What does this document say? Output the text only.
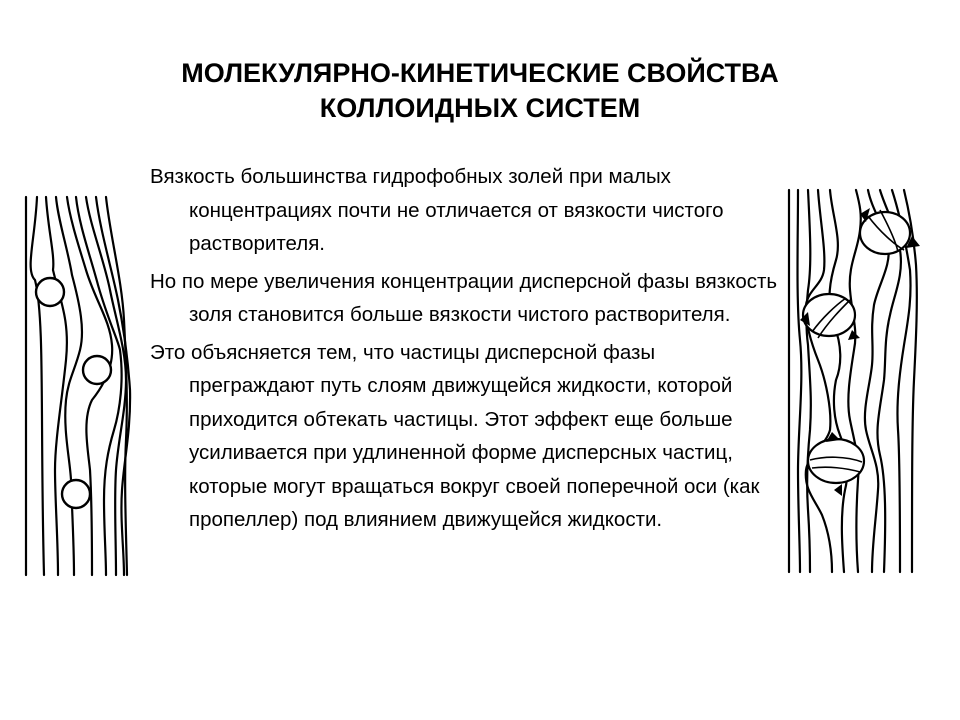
МОЛЕКУЛЯРНО-КИНЕТИЧЕСКИЕ СВОЙСТВА
КОЛЛОИДНЫХ СИСТЕМ

Вязкость большинства гидрофобных золей при малых концентрациях почти не отличается от вязкости чистого растворителя.

Но по мере увеличения концентрации дисперсной фазы вязкость золя становится больше вязкости чистого растворителя.

Это объясняется тем, что частицы дисперсной фазы преграждают путь слоям движущейся жидкости, которой приходится обтекать частицы. Этот эффект еще больше усиливается при удлиненной форме дисперсных частиц, которые могут вращаться вокруг своей поперечной оси (как пропеллер) под влиянием движущейся жидкости.
